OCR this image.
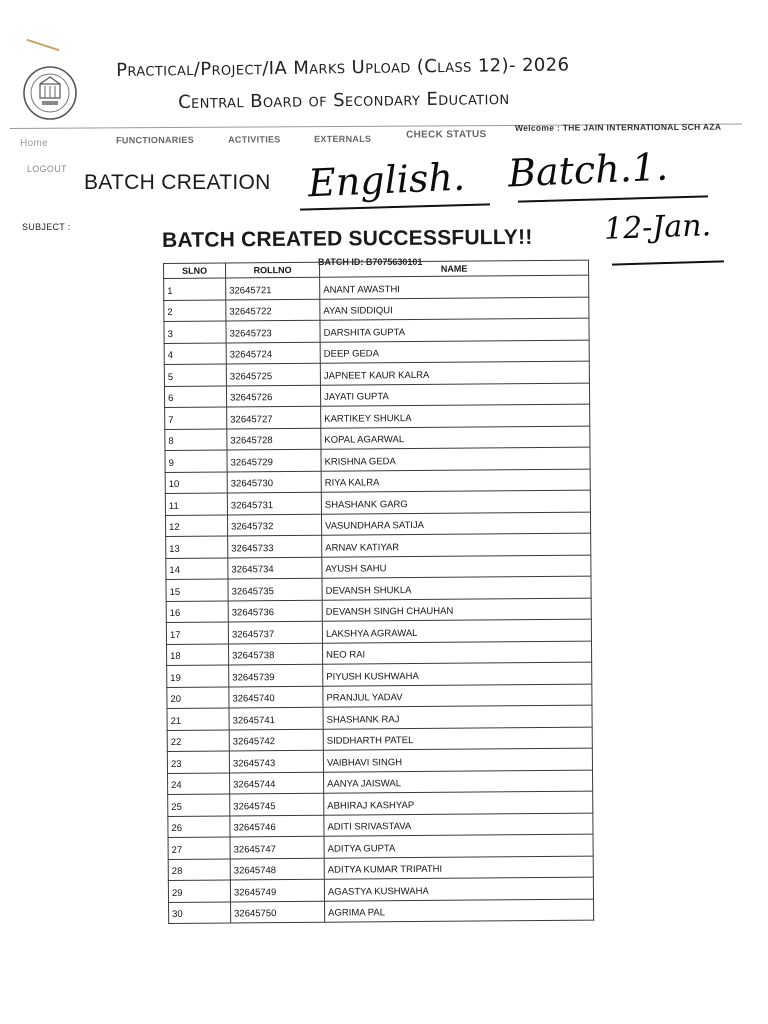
Practical/Project/IA Marks Upload (Class 12)- 2026
Central Board of Secondary Education
Home	FUNCTIONARIES	ACTIVITIES	EXTERNALS	CHECK STATUS
Welcome : THE JAIN INTERNATIONAL SCH AZA
LOGOUT
BATCH CREATION English. Batch.1.
12-Jan.
SUBJECT :	BATCH CREATED SUCCESSFULLY!!
BATCH ID: B7075630101
SLNO	ROLLNO	NAME
1	32645721	ANANT AWASTHI
2	32645722	AYAN SIDDIQUI
3	32645723	DARSHITA GUPTA
4	32645724	DEEP GEDA
5	32645725	JAPNEET KAUR KALRA
6	32645726	JAYATI GUPTA
7	32645727	KARTIKEY SHUKLA
8	32645728	KOPAL AGARWAL
9	32645729	KRISHNA GEDA
10	32645730	RIYA KALRA
11	32645731	SHASHANK GARG
12	32645732	VASUNDHARA SATIJA
13	32645733	ARNAV KATIYAR
14	32645734	AYUSH SAHU
15	32645735	DEVANSH SHUKLA
16	32645736	DEVANSH SINGH CHAUHAN
17	32645737	LAKSHYA AGRAWAL
18	32645738	NEO RAI
19	32645739	PIYUSH KUSHWAHA
20	32645740	PRANJUL YADAV
21	32645741	SHASHANK RAJ
22	32645742	SIDDHARTH PATEL
23	32645743	VAIBHAVI SINGH
24	32645744	AANYA JAISWAL
25	32645745	ABHIRAJ KASHYAP
26	32645746	ADITI SRIVASTAVA
27	32645747	ADITYA GUPTA
28	32645748	ADITYA KUMAR TRIPATHI
29	32645749	AGASTYA KUSHWAHA
30	32645750	AGRIMA PAL
